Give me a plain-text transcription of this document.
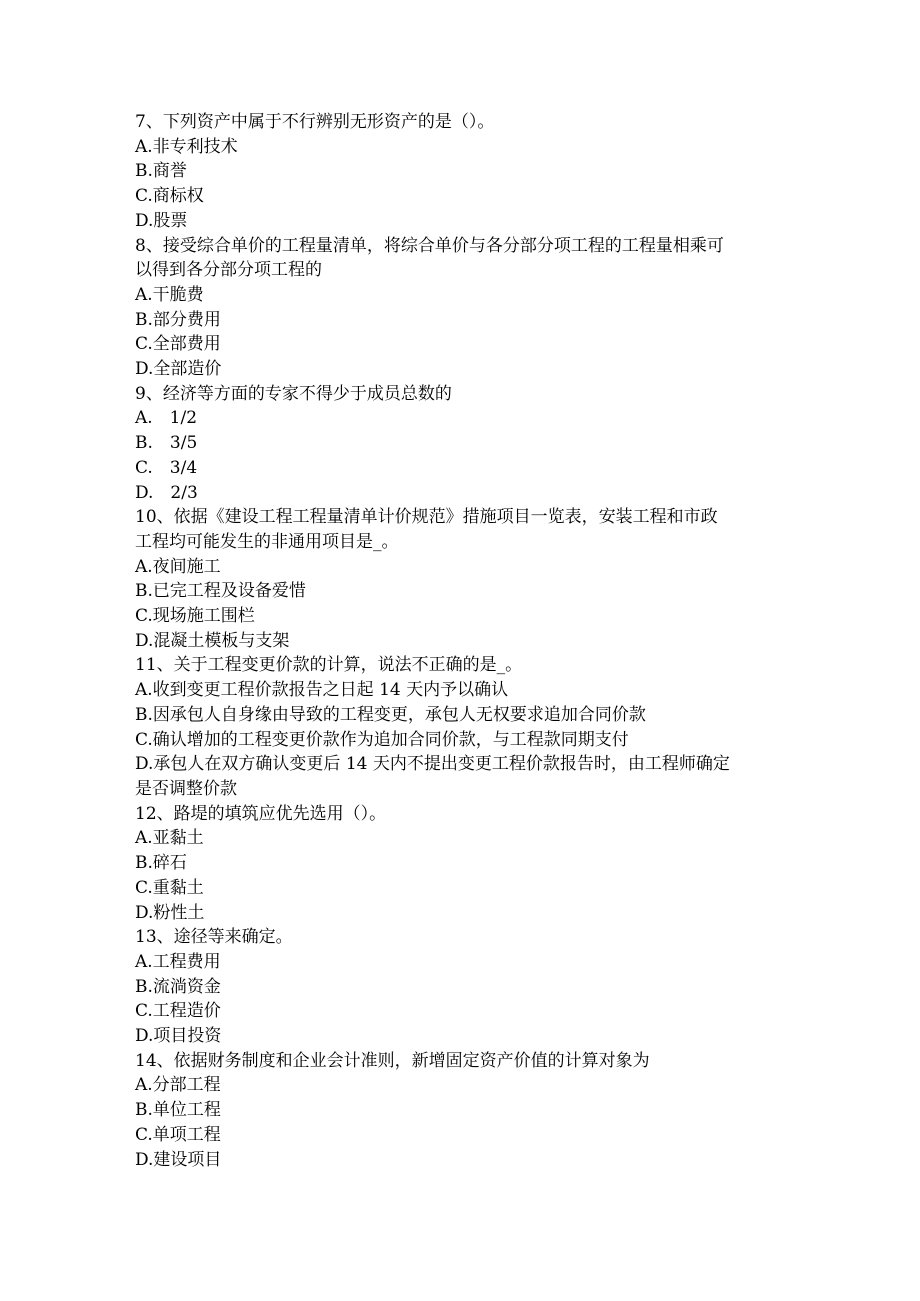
7、下列资产中属于不行辨别无形资产的是（）。
A.非专利技术
B.商誉
C.商标权
D.股票
8、接受综合单价的工程量清单，将综合单价与各分部分项工程的工程量相乘可
以得到各分部分项工程的
A.干脆费
B.部分费用
C.全部费用
D.全部造价
9、经济等方面的专家不得少于成员总数的
A.　1/2
B.　3/5
C.　3/4
D.　2/3
10、依据《建设工程工程量清单计价规范》措施项目一览表，安装工程和市政
工程均可能发生的非通用项目是_。
A.夜间施工
B.已完工程及设备爱惜
C.现场施工围栏
D.混凝土模板与支架
11、关于工程变更价款的计算，说法不正确的是_。
A.收到变更工程价款报告之日起 14 天内予以确认
B.因承包人自身缘由导致的工程变更，承包人无权要求追加合同价款
C.确认增加的工程变更价款作为追加合同价款，与工程款同期支付
D.承包人在双方确认变更后 14 天内不提出变更工程价款报告时，由工程师确定
是否调整价款
12、路堤的填筑应优先选用（）。
A.亚黏土
B.碎石
C.重黏土
D.粉性土
13、途径等来确定。
A.工程费用
B.流淌资金
C.工程造价
D.项目投资
14、依据财务制度和企业会计准则，新增固定资产价值的计算对象为
A.分部工程
B.单位工程
C.单项工程
D.建设项目
